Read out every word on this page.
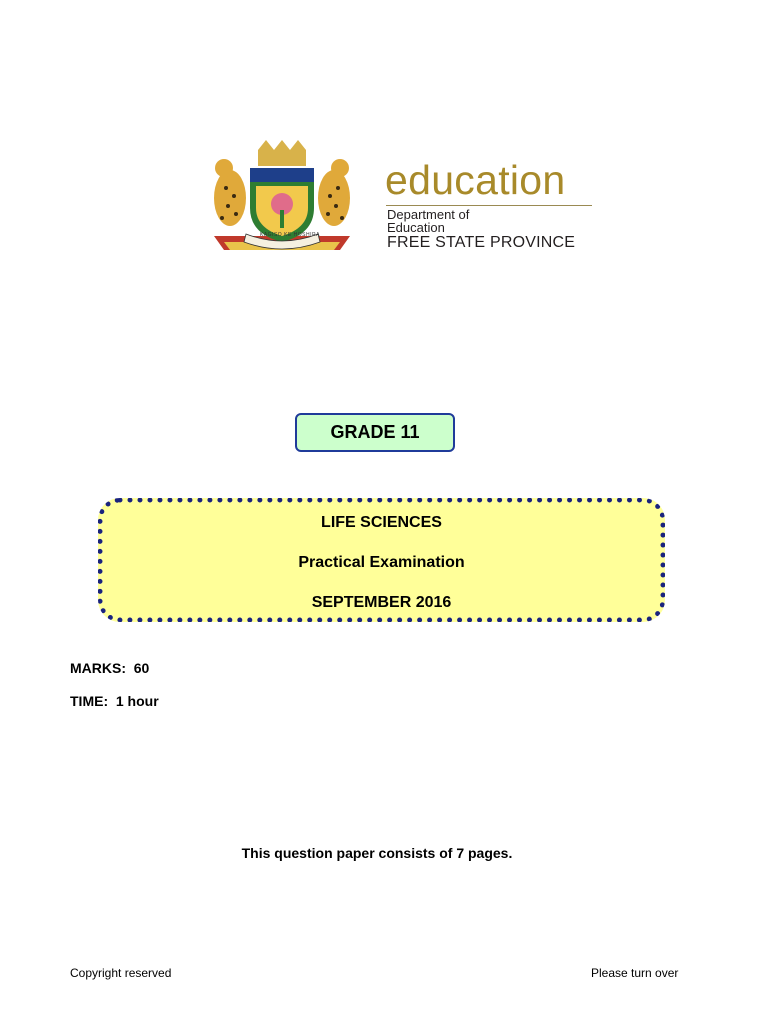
KAGISO KE HOSHIRA
education
Department of
Education
FREE STATE PROVINCE
GRADE 11
LIFE SCIENCES
Practical Examination
SEPTEMBER 2016
MARKS:  60
TIME:  1 hour
This question paper consists of 7 pages.
Copyright reserved	Please turn over
